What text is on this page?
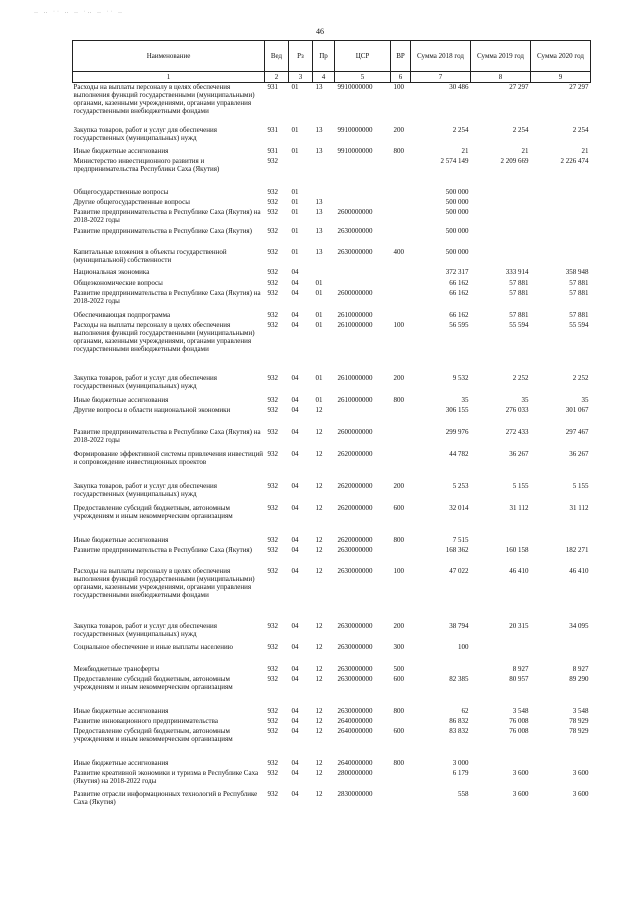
‥ ‥ ·· ‥ ‥ ·‥ ‥ ·· ‥
46
Наименование	Вед	Рз	Пр	ЦСР	ВР	Сумма 2018 год	Сумма 2019 год	Сумма 2020 год
1	2	3	4	5	6	7	8	9
Расходы на выплаты персоналу в целях обеспечения выполнения функций государственными (муниципальными) органами, казенными учреждениями, органами управления государственными внебюджетными фондами	931	01	13	9910000000	100	30 486	27 297	27 297
Закупка товаров, работ и услуг для обеспечения государственных (муниципальных) нужд	931	01	13	9910000000	200	2 254	2 254	2 254
Иные бюджетные ассигнования	931	01	13	9910000000	800	21	21	21
Министерство инвестиционного развития и предпринимательства Республики Саха (Якутия)	932					2 574 149	2 209 669	2 226 474
Общегосударственные вопросы	932	01				500 000		
Другие общегосударственные вопросы	932	01	13			500 000		
Развитие предпринимательства в Республике Саха (Якутия) на 2018-2022 годы	932	01	13	2600000000		500 000		
Развитие предпринимательства в Республике Саха (Якутия)	932	01	13	2630000000		500 000		
Капитальные вложения в объекты государственной (муниципальной) собственности	932	01	13	2630000000	400	500 000		
Национальная экономика	932	04				372 317	333 914	358 948
Общеэкономические вопросы	932	04	01			66 162	57 881	57 881
Развитие предпринимательства в Республике Саха (Якутия) на 2018-2022 годы	932	04	01	2600000000		66 162	57 881	57 881
Обеспечивающая подпрограмма	932	04	01	2610000000		66 162	57 881	57 881
Расходы на выплаты персоналу в целях обеспечения выполнения функций государственными (муниципальными) органами, казенными учреждениями, органами управления государственными внебюджетными фондами	932	04	01	2610000000	100	56 595	55 594	55 594
Закупка товаров, работ и услуг для обеспечения государственных (муниципальных) нужд	932	04	01	2610000000	200	9 532	2 252	2 252
Иные бюджетные ассигнования	932	04	01	2610000000	800	35	35	35
Другие вопросы в области национальной экономики	932	04	12			306 155	276 033	301 067
Развитие предпринимательства в Республике Саха (Якутия) на 2018-2022 годы	932	04	12	2600000000		299 976	272 433	297 467
Формирование эффективной системы привлечения инвестиций и сопровождение инвестиционных проектов	932	04	12	2620000000		44 782	36 267	36 267
Закупка товаров, работ и услуг для обеспечения государственных (муниципальных) нужд	932	04	12	2620000000	200	5 253	5 155	5 155
Предоставление субсидий бюджетным, автономным учреждениям и иным некоммерческим организациям	932	04	12	2620000000	600	32 014	31 112	31 112
Иные бюджетные ассигнования	932	04	12	2620000000	800	7 515		
Развитие предпринимательства в Республике Саха (Якутия)	932	04	12	2630000000		168 362	160 158	182 271
Расходы на выплаты персоналу в целях обеспечения выполнения функций государственными (муниципальными) органами, казенными учреждениями, органами управления государственными внебюджетными фондами	932	04	12	2630000000	100	47 022	46 410	46 410
Закупка товаров, работ и услуг для обеспечения государственных (муниципальных) нужд	932	04	12	2630000000	200	38 794	20 315	34 095
Социальное обеспечение и иные выплаты населению	932	04	12	2630000000	300	100		
Межбюджетные трансферты	932	04	12	2630000000	500		8 927	8 927
Предоставление субсидий бюджетным, автономным учреждениям и иным некоммерческим организациям	932	04	12	2630000000	600	82 385	80 957	89 290
Иные бюджетные ассигнования	932	04	12	2630000000	800	62	3 548	3 548
Развитие инновационного предпринимательства	932	04	12	2640000000		86 832	76 008	78 929
Предоставление субсидий бюджетным, автономным учреждениям и иным некоммерческим организациям	932	04	12	2640000000	600	83 832	76 008	78 929
Иные бюджетные ассигнования	932	04	12	2640000000	800	3 000		
Развитие креативной экономики и туризма в Республике Саха (Якутия) на 2018-2022 годы	932	04	12	2800000000		6 179	3 600	3 600
Развитие отрасли информационных технологий в Республике Саха (Якутия)	932	04	12	2830000000		558	3 600	3 600
